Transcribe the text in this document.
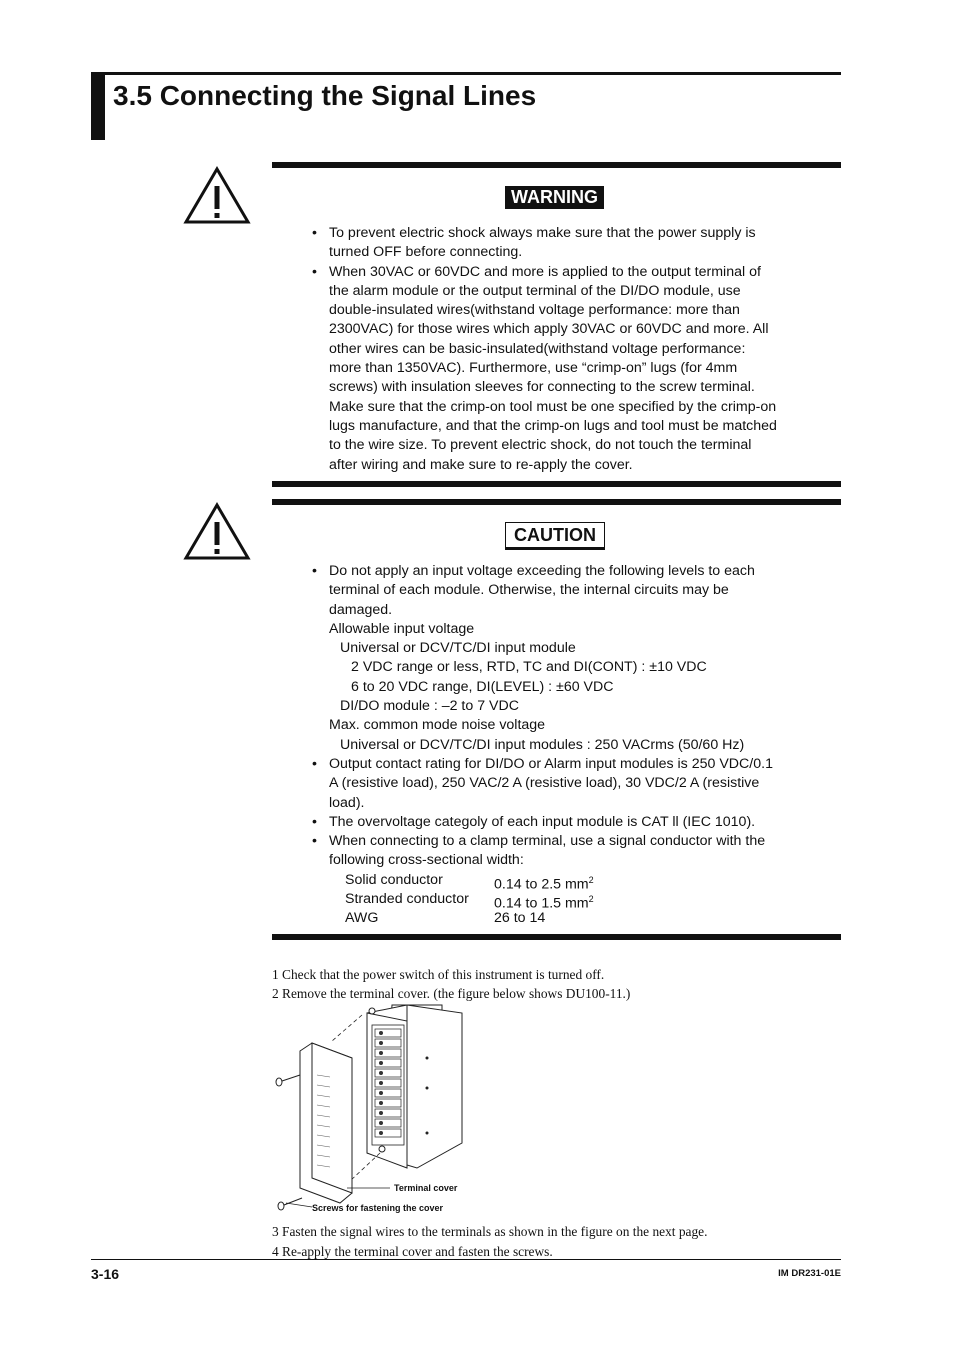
3.5 Connecting the Signal Lines
WARNING
• To prevent electric shock always make sure that the power supply is
turned OFF before connecting.
• When 30VAC or 60VDC and more is applied to the output terminal of
the alarm module or the output terminal of the DI/DO module, use
double-insulated wires(withstand voltage performance: more than
2300VAC) for those wires which apply 30VAC or 60VDC and more. All
other wires can be basic-insulated(withstand voltage performance:
more than 1350VAC). Furthermore, use “crimp-on” lugs (for 4mm
screws) with insulation sleeves for connecting to the screw terminal.
Make sure that the crimp-on tool must be one specified by the crimp-on
lugs manufacture, and that the crimp-on lugs and tool must be matched
to the wire size. To prevent electric shock, do not touch the terminal
after wiring and make sure to re-apply the cover.
CAUTION
• Do not apply an input voltage exceeding the following levels to each
terminal of each module. Otherwise, the internal circuits may be
damaged.
Allowable input voltage
Universal or DCV/TC/DI input module
2 VDC range or less, RTD, TC and DI(CONT) : ±10 VDC
6 to 20 VDC range, DI(LEVEL) : ±60 VDC
DI/DO module : –2 to 7 VDC
Max. common mode noise voltage
Universal or DCV/TC/DI input modules : 250 VACrms (50/60 Hz)
• Output contact rating for DI/DO or Alarm input modules is 250 VDC/0.1
A (resistive load), 250 VAC/2 A (resistive load), 30 VDC/2 A (resistive
load).
• The overvoltage categoly of each input module is CAT ll (IEC 1010).
• When connecting to a clamp terminal, use a signal conductor with the
following cross-sectional width:
Solid conductor	0.14 to 2.5 $mm^2$
Stranded conductor 0.14 to 1.5 $mm^2$
AWG	26 to 14
1 Check that the power switch of this instrument is turned off.
2 Remove the terminal cover. (the figure below shows DU100-11.)
Terminal cover
Screws for fastening the cover
3 Fasten the signal wires to the terminals as shown in the figure on the next page.
4 Re-apply the terminal cover and fasten the screws.
3-16	IM DR231-01E
